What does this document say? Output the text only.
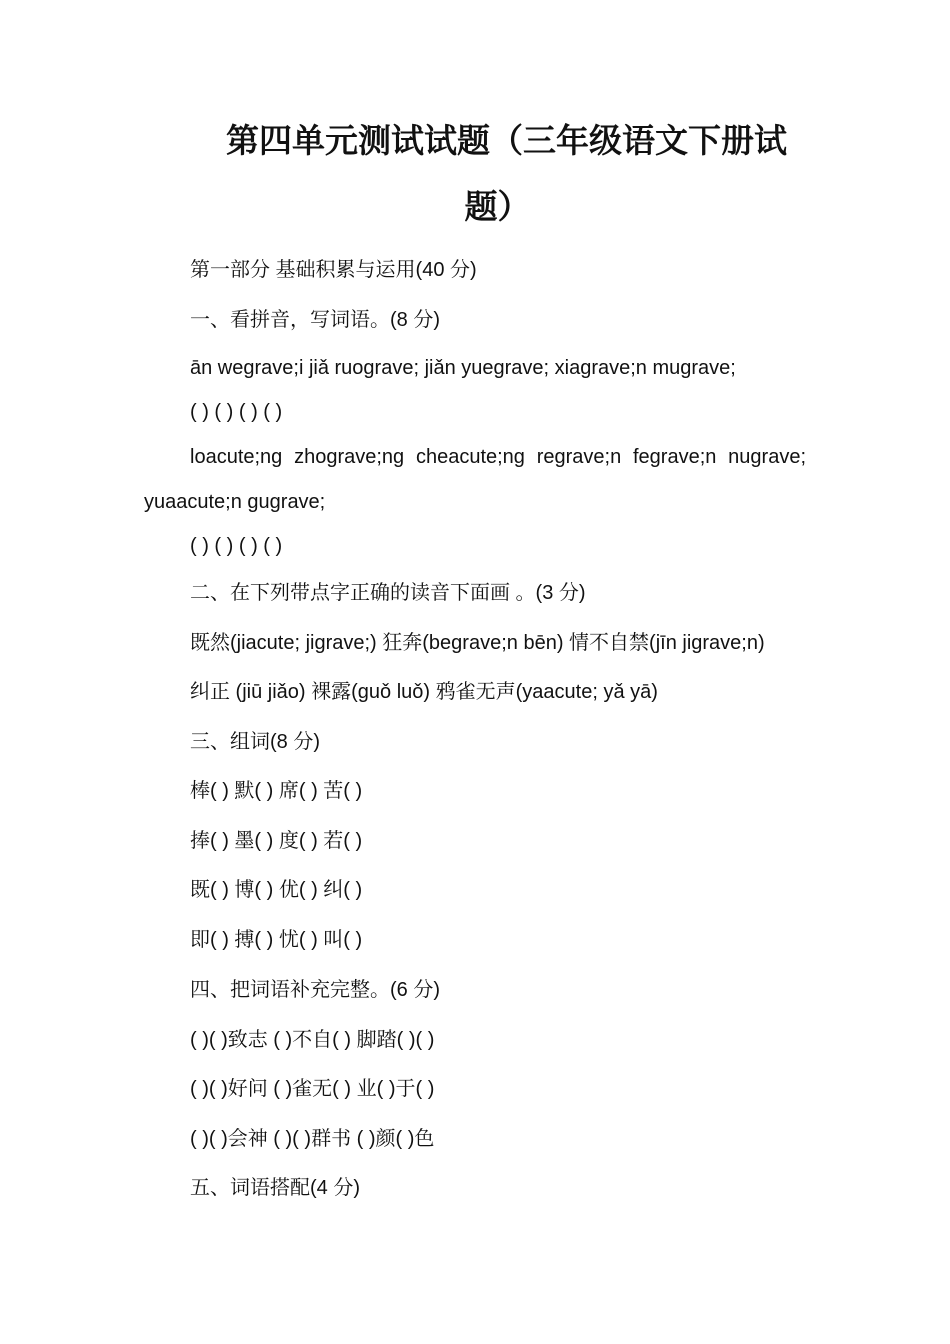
第四单元测试试题（三年级语文下册试
题）

第一部分 基础积累与运用(40 分)

一、看拼音，写词语。(8 分)

ān wegrave;i jiǎ ruograve; jiǎn yuegrave; xiagrave;n mugrave;

( ) ( ) ( ) ( )

loacute;ng zhograve;ng cheacute;ng regrave;n fegrave;n nugrave;

yuaacute;n gugrave;

( ) ( ) ( ) ( )

二、在下列带点字正确的读音下面画 。(3 分)

既然(jiacute; jigrave;) 狂奔(begrave;n bēn) 情不自禁(jīn jigrave;n)

纠正 (jiū jiǎo) 裸露(guǒ luǒ) 鸦雀无声(yaacute; yǎ yā)

三、组词(8 分)

棒( ) 默( ) 席( ) 苦( )

捧( ) 墨( ) 度( ) 若( )

既( ) 博( ) 优( ) 纠( )

即( ) 搏( ) 忧( ) 叫( )

四、把词语补充完整。(6 分)

( )( )致志 ( )不自( ) 脚踏( )( )

( )( )好问 ( )雀无( ) 业( )于( )

( )( )会神 ( )( )群书 ( )颜( )色

五、词语搭配(4 分)
